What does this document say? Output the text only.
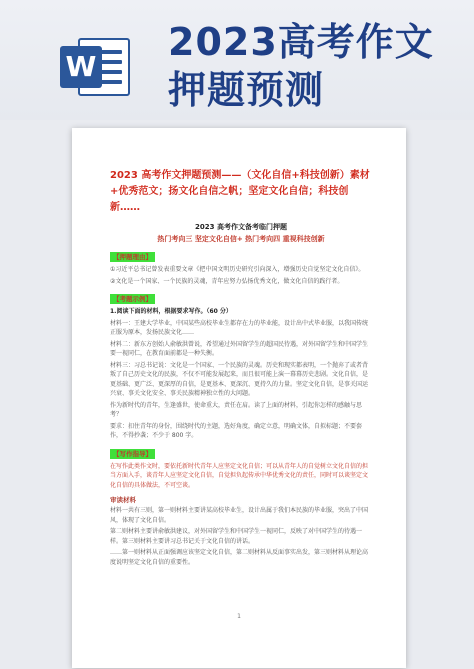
W
2023高考作文
押题预测
2023 高考作文押题预测——（文化自信+科技创新）素材+优秀范文；扬文化自信之帆；坚定文化自信；科技创新……
2023 高考作文备考临门押题
热门考向三 坚定文化自信+ 热门考向四 重视科技创新
【押题理由】
①习近平总书记曾发表重要文章《把中国文明历史研究引向深入，增强历史自觉坚定文化自信》。
②文化是一个国家、一个民族的灵魂，青年应努力弘扬优秀文化，做文化自信的践行者。
【考题示例】
1.阅读下面的材料，根据要求写作。（60 分）
材料一：王建大学毕业，中国某些高校毕业生都存在力的毕业能，设计出中式毕业服，以我国传统正服为原本，发扬民族文化……
材料二：新东方创始人俞敏洪曾说，希望通过外国留学生的超国民待遇，对外国留学生和中国学生要一视同仁，在教育面前都是一种失衡。
材料三：习总书记说：文化是一个国家、一个民族的灵魂。历史和现实都表明，一个抛弃了或者背叛了自己历史文化的民族，不仅不可能发展起来，而且很可能上演一幕幕历史悲剧。文化自信，是更基础、更广泛、更深厚的自信，是更基本、更深沉、更持久的力量。坚定文化自信，是事关国运兴衰、事关文化安全、事关民族精神独立性的大问题。
作为新时代的青年，生逢盛世，使命重大，责任在肩。读了上面的材料，引起你怎样的感触与思考？
要求：扣住青年的身份，围绕时代的主题，选好角度，确定立意，明确文体，自拟标题；不要套作，不得抄袭；不少于 800 字。
【写作指导】
在写作此类作文时，要依托新时代青年人应坚定文化自信；可以从青年人的自觉树立文化自信的担当方面入手，谈青年人应坚定文化自信，自觉担负起传承中华优秀文化的责任，同时可以谈坚定文化自信的具体做法，不可空谈。
审读材料
材料一共有三则，第一则材料主要讲某高校毕业生，设计出属于我们本民族的毕业服，突出了中国风，体现了文化自信。
第二则材料主要讲俞敏洪建议，对外国留学生和中国学生一视同仁，反映了对中国学生的待遇一样。第三则材料主要讲习总书记关于文化自信的讲话。
……第一则材料从正面强调应该坚定文化自信，第二则材料从反面事实出发，第三则材料从理论高度说明坚定文化自信的重要性。
1
